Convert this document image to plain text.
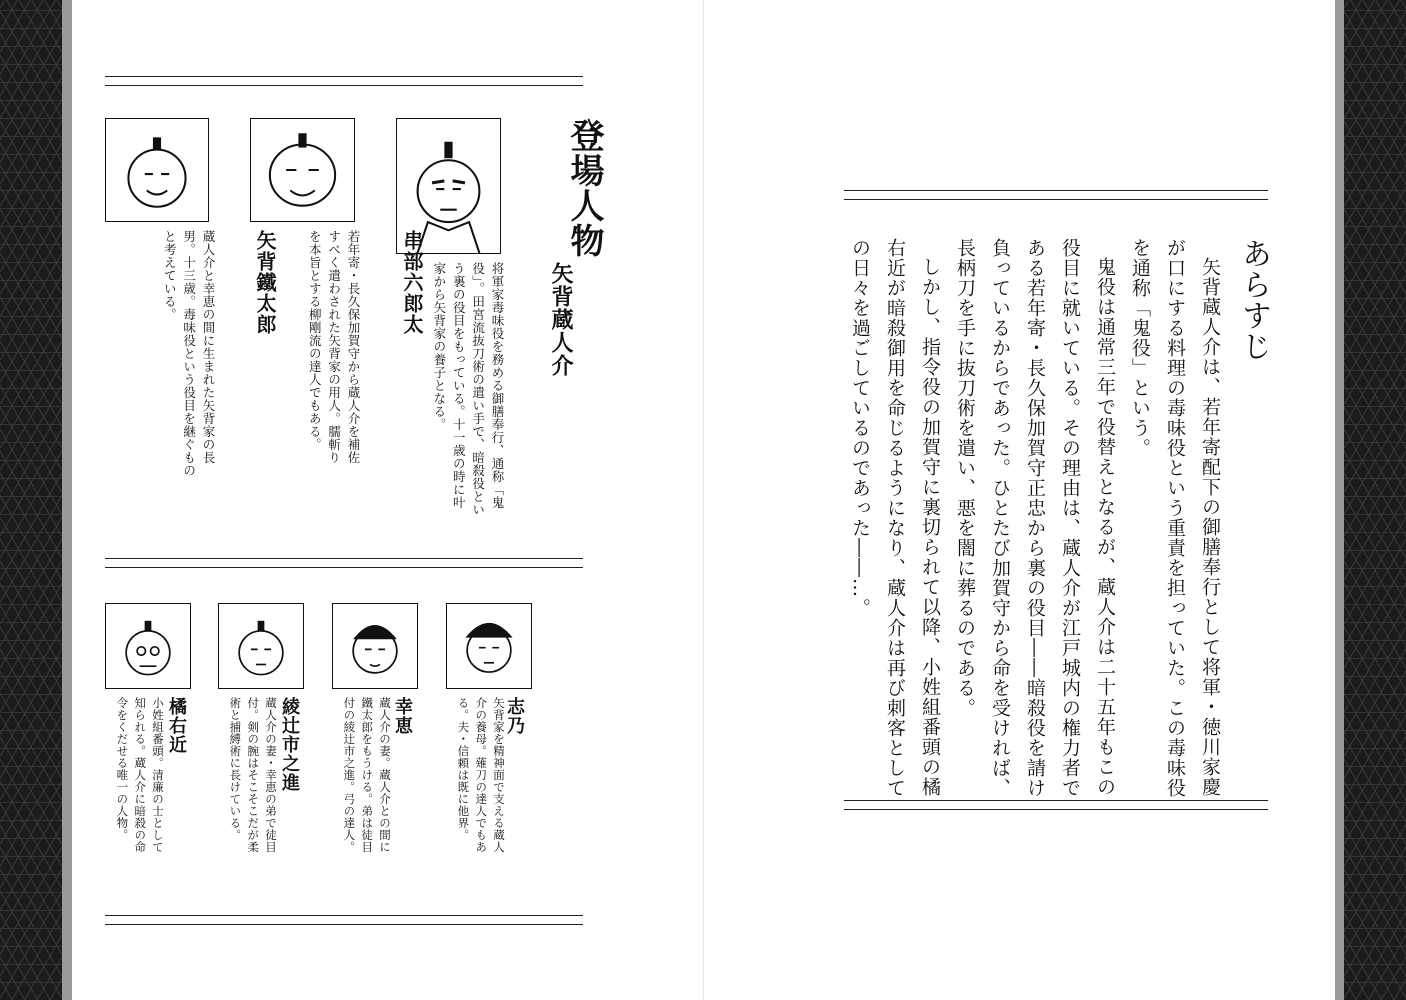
登場人物
矢背蔵人介
将軍家毒味役を務める御膳奉行、通称「鬼役」。田宮流抜刀術の遣い手で、暗殺役という裏の役目をもっている。十一歳の時に叶家から矢背家の養子となる。
串部六郎太
若年寄・長久保加賀守から蔵人介を補佐すべく遣わされた矢背家の用人。臑斬りを本旨とする柳剛流の達人でもある。
矢背鐵太郎
蔵人介と幸恵の間に生まれた矢背家の長男。十三歳。毒味役という役目を継ぐものと考えている。
志乃
矢背家を精神面で支える蔵人介の養母。薙刀の達人でもある。夫・信頼は既に他界。
幸恵
蔵人介の妻。蔵人介との間に鐵太郎をもうける。弟は徒目付の綾辻市之進。弓の達人。
綾辻市之進
蔵人介の妻・幸恵の弟で徒目付。剣の腕はそこそこだが柔術と捕縛術に長けている。
橘右近
小姓組番頭。清廉の士として知られる。蔵人介に暗殺の命令をくだせる唯一の人物。
あらすじ

矢背蔵人介は、若年寄配下の御膳奉行として将軍・徳川家慶が口にする料理の毒味役という重責を担っていた。この毒味役を通称「鬼役」という。

鬼役は通常三年で役替えとなるが、蔵人介は二十五年もこの役目に就いている。その理由は、蔵人介が江戸城内の権力者である若年寄・長久保加賀守正忠から裏の役目――暗殺役を請け負っているからであった。ひとたび加賀守から命を受ければ、長柄刀を手に抜刀術を遣い、悪を闇に葬るのである。

しかし、指令役の加賀守に裏切られて以降、小姓組番頭の橘右近が暗殺御用を命じるようになり、蔵人介は再び刺客としての日々を過ごしているのであった――…。
